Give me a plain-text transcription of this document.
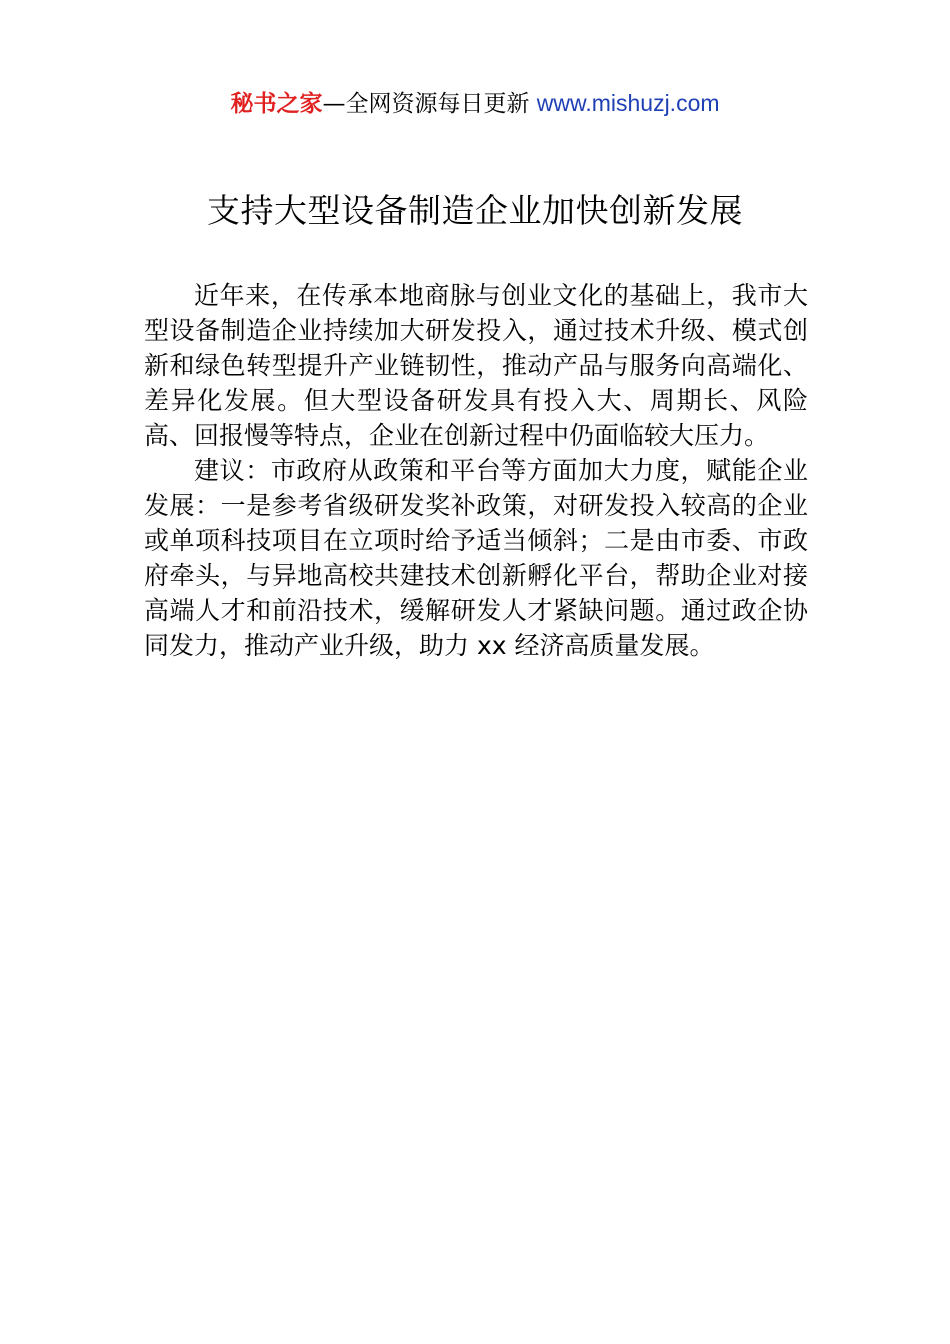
秘书之家—全网资源每日更新 www.mishuzj.com
支持大型设备制造企业加快创新发展

近年来，在传承本地商脉与创业文化的基础上，我市大型设备制造企业持续加大研发投入，通过技术升级、模式创新和绿色转型提升产业链韧性，推动产品与服务向高端化、差异化发展。但大型设备研发具有投入大、周期长、风险高、回报慢等特点，企业在创新过程中仍面临较大压力。

建议：市政府从政策和平台等方面加大力度，赋能企业发展：一是参考省级研发奖补政策，对研发投入较高的企业或单项科技项目在立项时给予适当倾斜；二是由市委、市政府牵头，与异地高校共建技术创新孵化平台，帮助企业对接高端人才和前沿技术，缓解研发人才紧缺问题。通过政企协同发力，推动产业升级，助力 xx 经济高质量发展。
